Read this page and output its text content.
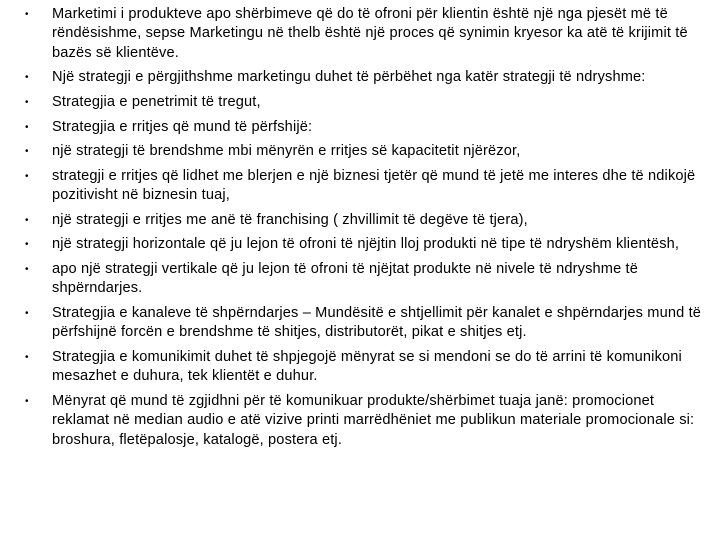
• Marketimi i produkteve apo shërbimeve që do të ofroni për klientin është një nga pjesët më të rëndësishme, sepse Marketingu në thelb është një proces që synimin kryesor ka atë të krijimit të bazës së klientëve.
• Një strategji e përgjithshme marketingu duhet të përbëhet nga katër strategji të ndryshme:
• Strategjia e penetrimit të tregut,
• Strategjia e rritjes që mund të përfshijë:
• një strategji të brendshme mbi mënyrën e rritjes së kapacitetit njërëzor,
• strategji e rritjes që lidhet me blerjen e një biznesi tjetër që mund të jetë me interes dhe të ndikojë pozitivisht në biznesin tuaj,
• një strategji e rritjes me anë të franchising ( zhvillimit të degëve të tjera),
• një strategji horizontale që ju lejon të ofroni të njëjtin lloj produkti në tipe të ndryshëm klientësh,
• apo një strategji vertikale që ju lejon të ofroni të njëjtat produkte në nivele të ndryshme të shpërndarjes.
• Strategjia e kanaleve të shpërndarjes – Mundësitë e shtjellimit për kanalet e shpërndarjes mund të përfshijnë forcën e brendshme të shitjes, distributorët, pikat e shitjes etj.
• Strategjia e komunikimit duhet të shpjegojë mënyrat se si mendoni se do të arrini të komunikoni mesazhet e duhura, tek klientët e duhur.
• Mënyrat që mund të zgjidhni për të komunikuar produkte/shërbimet tuaja janë: promocionet reklamat në median audio e atë vizive printi marrëdhëniet me publikun materiale promocionale si: broshura, fletëpalosje, katalogë, postera etj.
